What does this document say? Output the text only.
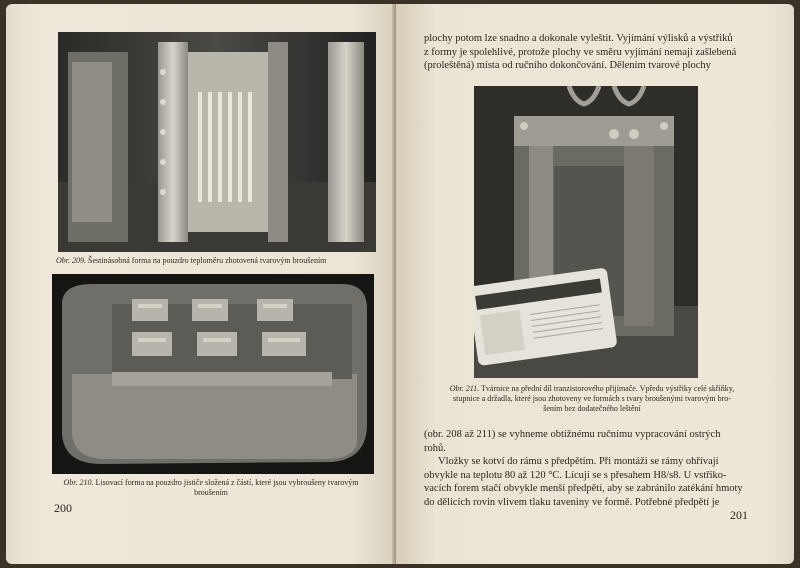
Obr. 209. Šestinásobná forma na pouzdro teploměru zhotovená tvarovým broušením
Obr. 210. Lisovací forma na pouzdro jističe složená z částí, které jsou vybroušeny tvarovým
broušením
200

plochy potom lze snadno a dokonale vyleštit. Vyjímání výlisků a výstřiků

z formy je spolehlivé, protože plochy ve směru vyjímání nemají zašlebená

(proleštěná) místa od ručního dokončování. Dělením tvarové plochy

Obr. 211. Tvárnice na přední díl tranzistorového přijímače. Vpředu výstřiky celé skříňky,
stupnice a držadla, které jsou zhotoveny ve formách s tvary broušenými tvarovým bro-
šením bez dodatečného leštění

(obr. 208 až 211) se vyhneme obtížnému ručnímu vypracování ostrých

rohů.

Vložky se kotví do rámu s předpětím. Při montáži se rámy ohřívají

obvykle na teplotu 80 až 120 °C. Lícují se s přesahem H8/s8. U vstřiko-

vacích forem stačí obvykle menší předpětí, aby se zabránilo zatékání hmoty

do dělicích rovin vlivem tlaku taveniny ve formě. Potřebné předpětí je

201
